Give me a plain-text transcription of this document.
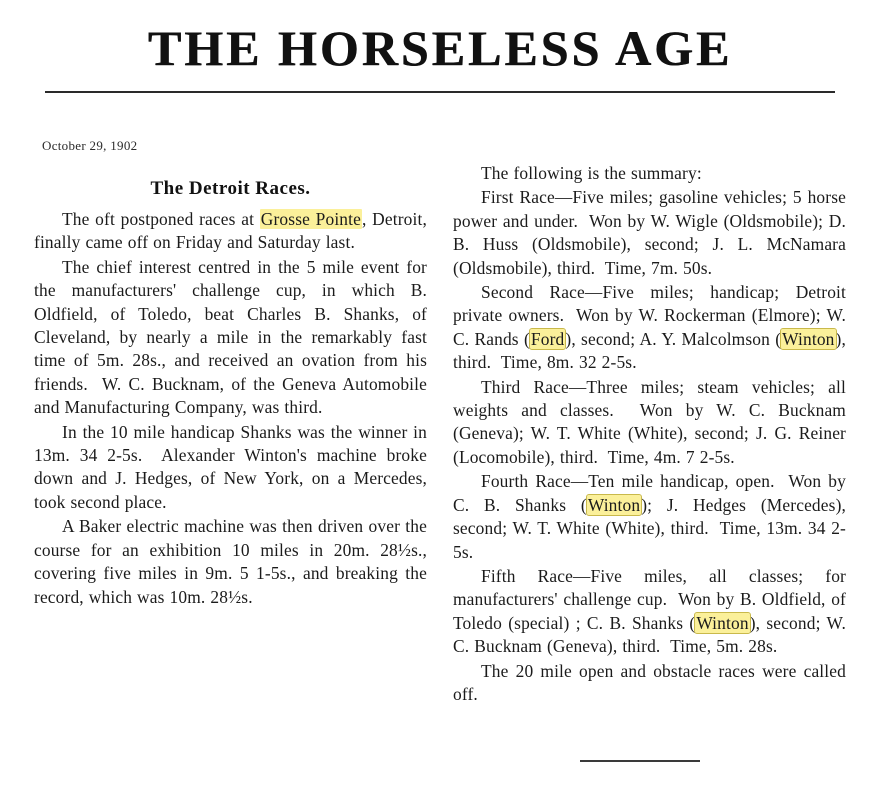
THE HORSELESS AGE
October 29, 1902
The Detroit Races.

The oft postponed races at Grosse Pointe, Detroit, finally came off on Friday and Saturday last.

The chief interest centred in the 5 mile event for the manufacturers' challenge cup, in which B. Oldfield, of Toledo, beat Charles B. Shanks, of Cleveland, by nearly a mile in the remarkably fast time of 5m. 28s., and received an ovation from his friends.  W. C. Bucknam, of the Geneva Automobile and Manufacturing Company, was third.

In the 10 mile handicap Shanks was the winner in 13m. 34 2-5s.  Alexander Winton's machine broke down and J. Hedges, of New York, on a Mercedes, took second place.

A Baker electric machine was then driven over the course for an exhibition 10 miles in 20m. 28½s., covering five miles in 9m. 5 1-5s., and breaking the record, which was 10m. 28½s.

The following is the summary:

First Race—Five miles; gasoline vehicles; 5 horse power and under.  Won by W. Wigle (Oldsmobile); D. B. Huss (Oldsmobile), second; J. L. McNamara (Oldsmobile), third.  Time, 7m. 50s.

Second Race—Five miles; handicap; Detroit private owners.  Won by W. Rockerman (Elmore); W. C. Rands (Ford), second; A. Y. Malcolmson (Winton), third.  Time, 8m. 32 2-5s.

Third Race—Three miles; steam vehicles; all weights and classes.  Won by W. C. Bucknam (Geneva); W. T. White (White), second; J. G. Reiner (Locomobile), third.  Time, 4m. 7 2-5s.

Fourth Race—Ten mile handicap, open.  Won by C. B. Shanks (Winton); J. Hedges (Mercedes), second; W. T. White (White), third.  Time, 13m. 34 2-5s.

Fifth Race—Five miles, all classes; for manufacturers' challenge cup.  Won by B. Oldfield, of Toledo (special) ; C. B. Shanks (Winton), second; W. C. Bucknam (Geneva), third.  Time, 5m. 28s.

The 20 mile open and obstacle races were called off.
